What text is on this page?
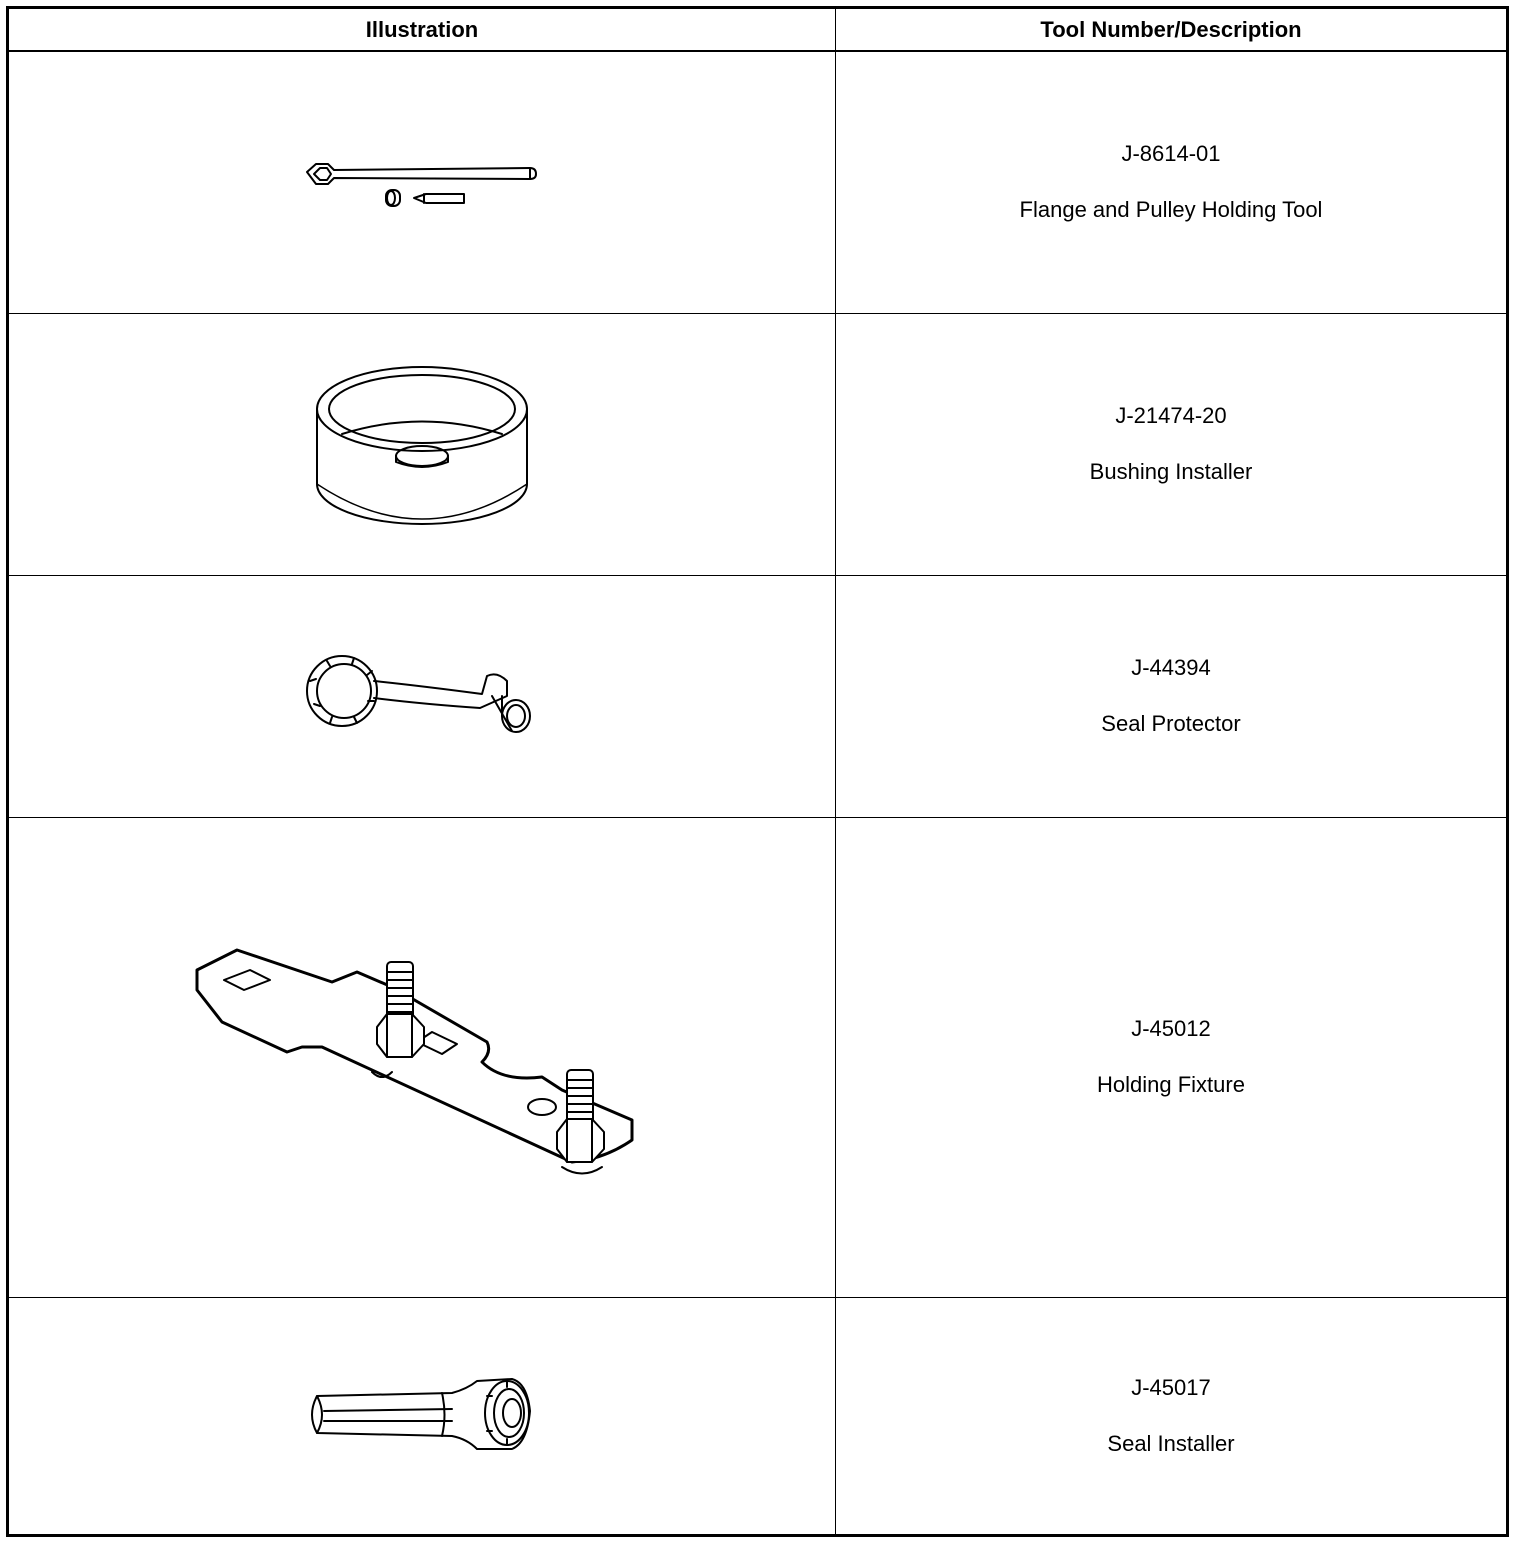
Illustration	Tool Number/Description

J-8614-01
Flange and Pulley Holding Tool

J-21474-20
Bushing Installer

J-44394
Seal Protector

J-45012
Holding Fixture

J-45017
Seal Installer
